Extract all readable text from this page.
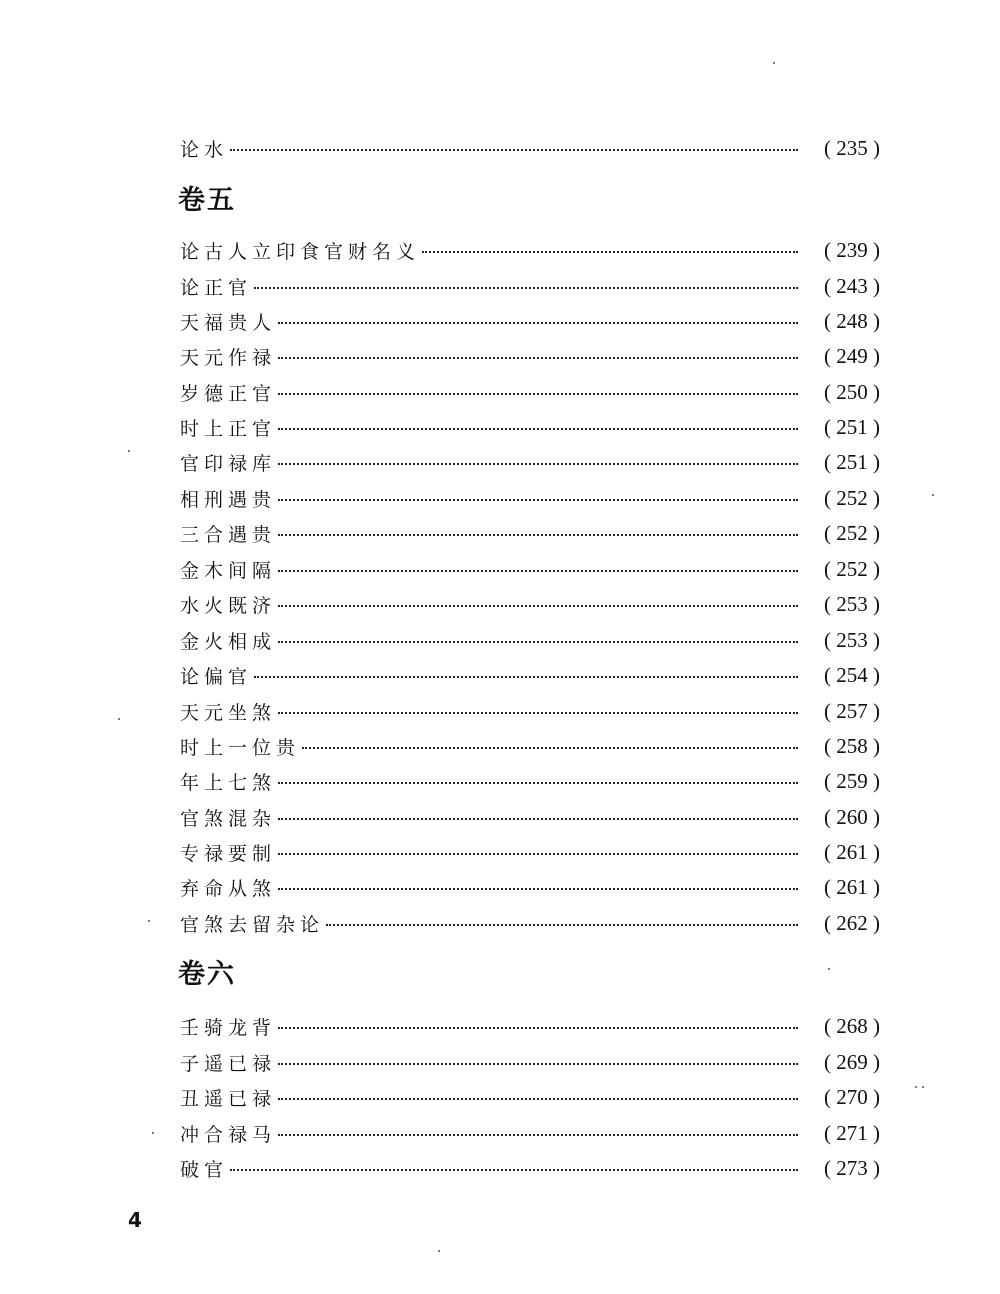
论水	( 235 )
卷五
论古人立印食官财名义	( 239 )
论正官	( 243 )
天福贵人	( 248 )
天元作禄	( 249 )
岁德正官	( 250 )
时上正官	( 251 )
官印禄库	( 251 )
相刑遇贵	( 252 )
三合遇贵	( 252 )
金木间隔	( 252 )
水火既济	( 253 )
金火相成	( 253 )
论偏官	( 254 )
天元坐煞	( 257 )
时上一位贵	( 258 )
年上七煞	( 259 )
官煞混杂	( 260 )
专禄要制	( 261 )
弃命从煞	( 261 )
官煞去留杂论	( 262 )
卷六
壬骑龙背	( 268 )
子遥已禄	( 269 )
丑遥已禄	( 270 )
冲合禄马	( 271 )
破官	( 273 )
4
